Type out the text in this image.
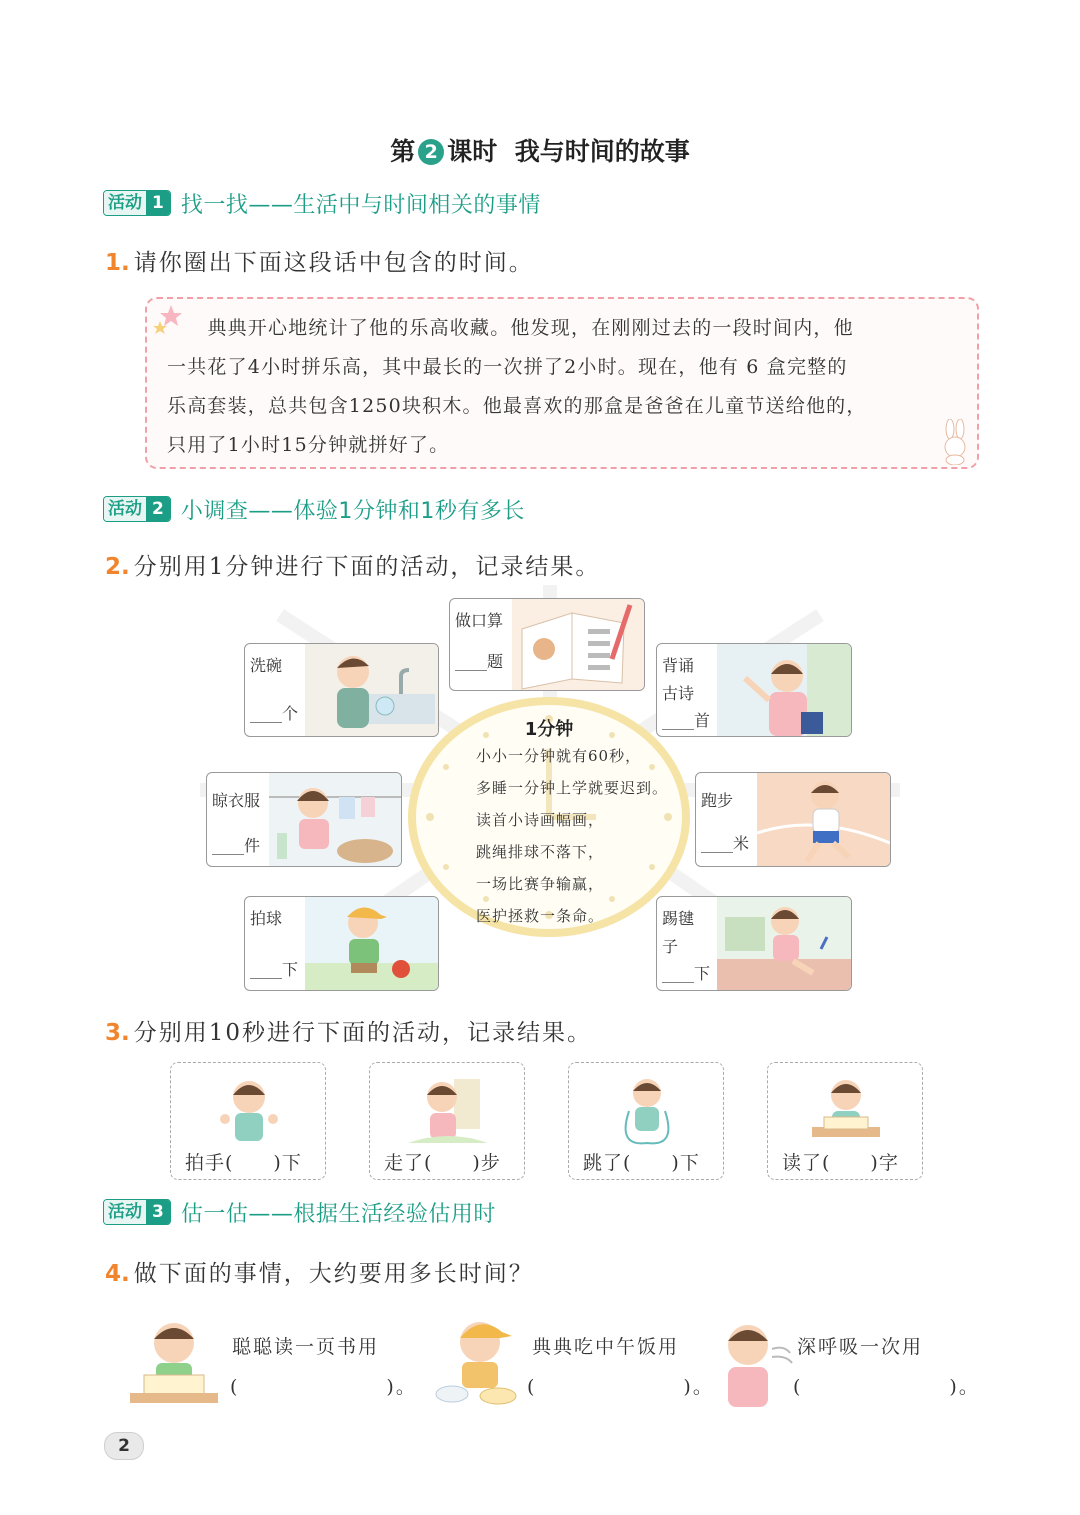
第 2 课时 我与时间的故事
活动 1 找一找——生活中与时间相关的事情
1. 请你圈出下面这段话中包含的时间。
　　典典开心地统计了他的乐高收藏。他发现，在刚刚过去的一段时间内，他
一共花了4小时拼乐高，其中最长的一次拼了2小时。现在，他有 6 盒完整的
乐高套装，总共包含1250块积木。他最喜欢的那盒是爸爸在儿童节送给他的，
只用了1小时15分钟就拼好了。
活动 2 小调查——体验1分钟和1秒有多长
2. 分别用1分钟进行下面的活动，记录结果。
做口算
____题
洗碗
____个
背诵
古诗
____首
晾衣服
____件
跑步
____米
拍球
____下
踢毽
子
____下
1分钟
小小一分钟就有60秒，
多睡一分钟上学就要迟到。
读首小诗画幅画，
跳绳排球不落下，
一场比赛争输赢，
医护拯救一条命。
3. 分别用10秒进行下面的活动，记录结果。
拍手(　　)下	走了(　　)步	跳了(　　)下	读了(　　)字
活动 3 估一估——根据生活经验估用时
4. 做下面的事情，大约要用多长时间？
聪聪读一页书用
(　　　　　　　)。
典典吃中午饭用
(　　　　　　　)。
深呼吸一次用
(　　　　　　　)。
2
